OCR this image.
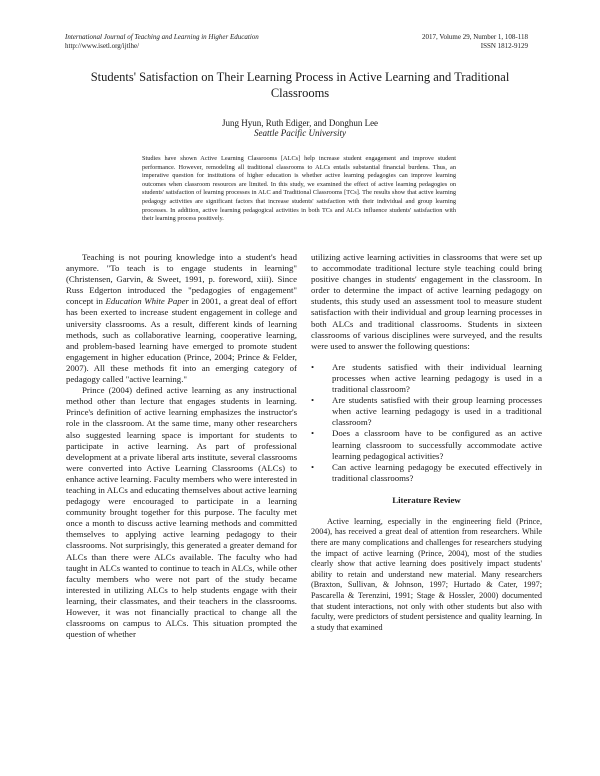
International Journal of Teaching and Learning in Higher Education
http://www.isetl.org/ijtlhe/
2017, Volume 29, Number 1, 108-118
ISSN 1812-9129
Students' Satisfaction on Their Learning Process in Active Learning and Traditional Classrooms
Jung Hyun, Ruth Ediger, and Donghun Lee
Seattle Pacific University

Studies have shown Active Learning Classrooms [ALCs] help increase student engagement and improve student performance. However, remodeling all traditional classrooms to ALCs entails substantial financial burdens. Thus, an imperative question for institutions of higher education is whether active learning pedagogies can improve learning outcomes when classroom resources are limited. In this study, we examined the effect of active learning pedagogies on students' satisfaction of learning processes in ALC and Traditional Classrooms [TCs]. The results show that active learning pedagogy activities are significant factors that increase students' satisfaction with their individual and group learning processes. In addition, active learning pedagogical activities in both TCs and ALCs influence students' satisfaction with their learning process positively.

Teaching is not pouring knowledge into a student's head anymore. "To teach is to engage students in learning" (Christensen, Garvin, & Sweet, 1991, p. foreword, xiii). Since Russ Edgerton introduced the "pedagogies of engagement" concept in Education White Paper in 2001, a great deal of effort has been exerted to increase student engagement in college and university classrooms. As a result, different kinds of learning methods, such as collaborative learning, cooperative learning, and problem-based learning have emerged to promote student engagement in higher education (Prince, 2004; Prince & Felder, 2007). All these methods fit into an emerging category of pedagogy called "active learning."

Prince (2004) defined active learning as any instructional method other than lecture that engages students in learning. Prince's definition of active learning emphasizes the instructor's role in the classroom. At the same time, many other researchers also suggested learning space is important for students to participate in active learning. As part of professional development at a private liberal arts institute, several classrooms were converted into Active Learning Classrooms (ALCs) to enhance active learning. Faculty members who were interested in teaching in ALCs and educating themselves about active learning pedagogy were encouraged to participate in a learning community brought together for this purpose. The faculty met once a month to discuss active learning methods and committed themselves to applying active learning pedagogy to their classrooms. Not surprisingly, this generated a greater demand for ALCs than there were ALCs available. The faculty who had taught in ALCs wanted to continue to teach in ALCs, while other faculty members who were not part of the study became interested in utilizing ALCs to help students engage with their learning, their classmates, and their teachers in the classrooms. However, it was not financially practical to change all the classrooms on campus to ALCs. This situation prompted the question of whether

utilizing active learning activities in classrooms that were set up to accommodate traditional lecture style teaching could bring positive changes in students' engagement in the classroom. In order to determine the impact of active learning pedagogy on students, this study used an assessment tool to measure student satisfaction with their individual and group learning processes in both ALCs and traditional classrooms. Students in sixteen classrooms of various disciplines were surveyed, and the results were used to answer the following questions:

• Are students satisfied with their individual learning processes when active learning pedagogy is used in a traditional classroom?
• Are students satisfied with their group learning processes when active learning pedagogy is used in a traditional classroom?
• Does a classroom have to be configured as an active learning classroom to successfully accommodate active learning pedagogical activities?
• Can active learning pedagogy be executed effectively in traditional classrooms?
Literature Review

Active learning, especially in the engineering field (Prince, 2004), has received a great deal of attention from researchers. While there are many complications and challenges for researchers studying the impact of active learning (Prince, 2004), most of the studies clearly show that active learning does positively impact students' ability to retain and understand new material. Many researchers (Braxton, Sullivan, & Johnson, 1997; Hurtado & Cater, 1997; Pascarella & Terenzini, 1991; Stage & Hossler, 2000) documented that student interactions, not only with other students but also with faculty, were predictors of student persistence and quality learning. In a study that examined
